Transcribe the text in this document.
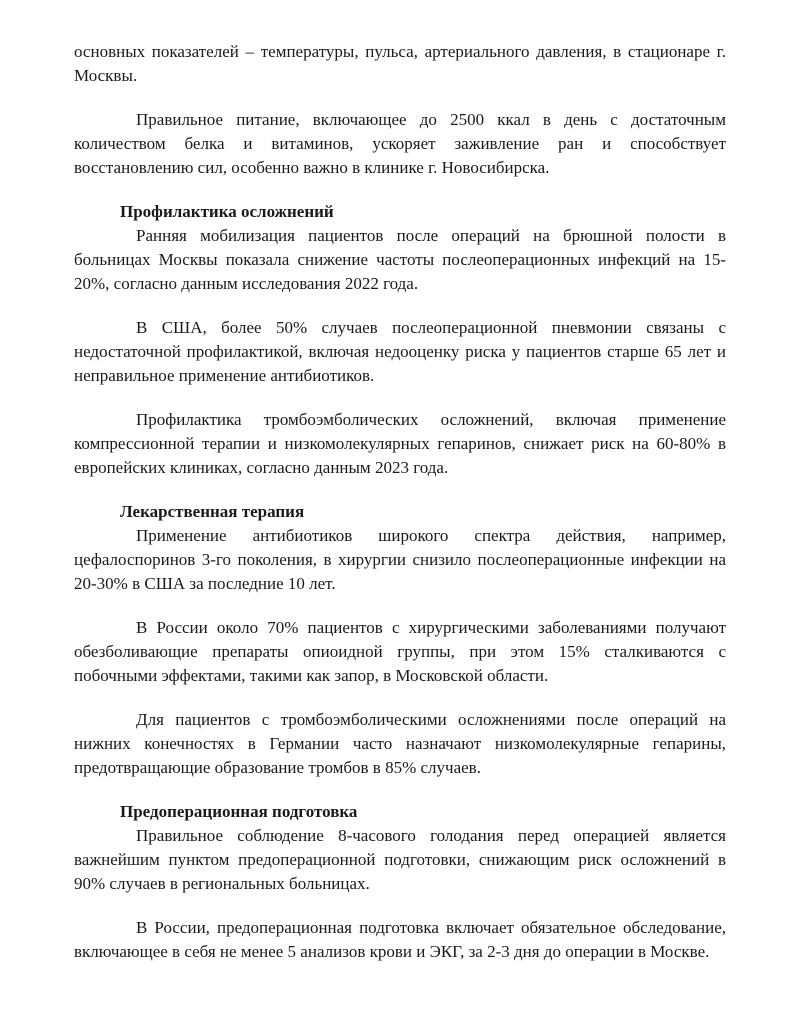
основных показателей – температуры, пульса, артериального давления, в стационаре г. Москвы.

Правильное питание, включающее до 2500 ккал в день с достаточным количеством белка и витаминов, ускоряет заживление ран и способствует восстановлению сил, особенно важно в клинике г. Новосибирска.

Профилактика осложнений

Ранняя мобилизация пациентов после операций на брюшной полости в больницах Москвы показала снижение частоты послеоперационных инфекций на 15-20%, согласно данным исследования 2022 года.

В США, более 50% случаев послеоперационной пневмонии связаны с недостаточной профилактикой, включая недооценку риска у пациентов старше 65 лет и неправильное применение антибиотиков.

Профилактика тромбоэмболических осложнений, включая применение компрессионной терапии и низкомолекулярных гепаринов, снижает риск на 60-80% в европейских клиниках, согласно данным 2023 года.

Лекарственная терапия

Применение антибиотиков широкого спектра действия, например, цефалоспоринов 3-го поколения, в хирургии снизило послеоперационные инфекции на 20-30% в США за последние 10 лет.

В России около 70% пациентов с хирургическими заболеваниями получают обезболивающие препараты опиоидной группы, при этом 15% сталкиваются с побочными эффектами, такими как запор, в Московской области.

Для пациентов с тромбоэмболическими осложнениями после операций на нижних конечностях в Германии часто назначают низкомолекулярные гепарины, предотвращающие образование тромбов в 85% случаев.

Предоперационная подготовка

Правильное соблюдение 8-часового голодания перед операцией является важнейшим пунктом предоперационной подготовки, снижающим риск осложнений в 90% случаев в региональных больницах.

В России, предоперационная подготовка включает обязательное обследование, включающее в себя не менее 5 анализов крови и ЭКГ, за 2-3 дня до операции в Москве.
